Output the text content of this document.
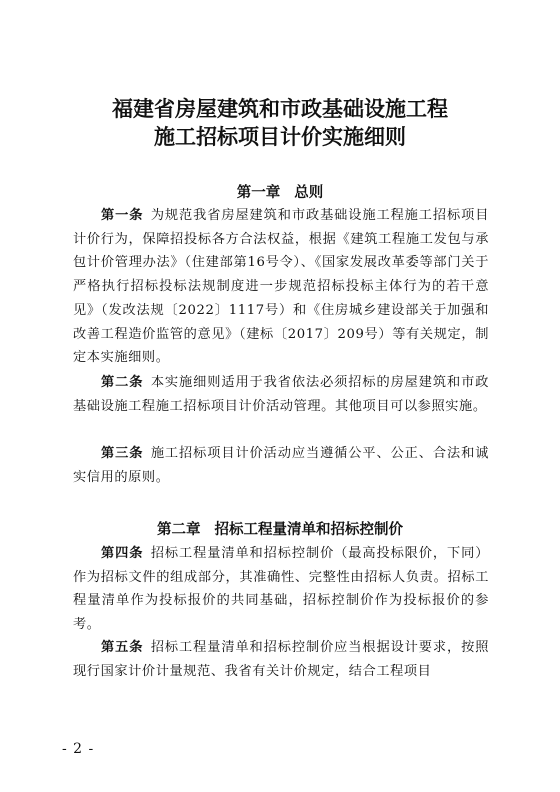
福建省房屋建筑和市政基础设施工程
施工招标项目计价实施细则
第一章 总则

第一条  为规范我省房屋建筑和市政基础设施工程施工招标项目计价行为，保障招投标各方合法权益，根据《建筑工程施工发包与承包计价管理办法》（住建部第16号令）、《国家发展改革委等部门关于严格执行招标投标法规制度进一步规范招标投标主体行为的若干意见》（发改法规〔2022〕1117号）和《住房城乡建设部关于加强和改善工程造价监管的意见》（建标〔2017〕209号）等有关规定，制定本实施细则。

第二条  本实施细则适用于我省依法必须招标的房屋建筑和市政基础设施工程施工招标项目计价活动管理。其他项目可以参照实施。

第三条  施工招标项目计价活动应当遵循公平、公正、合法和诚实信用的原则。

第二章 招标工程量清单和招标控制价

第四条  招标工程量清单和招标控制价（最高投标限价，下同）作为招标文件的组成部分，其准确性、完整性由招标人负责。招标工程量清单作为投标报价的共同基础，招标控制价作为投标报价的参考。

第五条  招标工程量清单和招标控制价应当根据设计要求，按照现行国家计价计量规范、我省有关计价规定，结合工程项目

- 2 -
